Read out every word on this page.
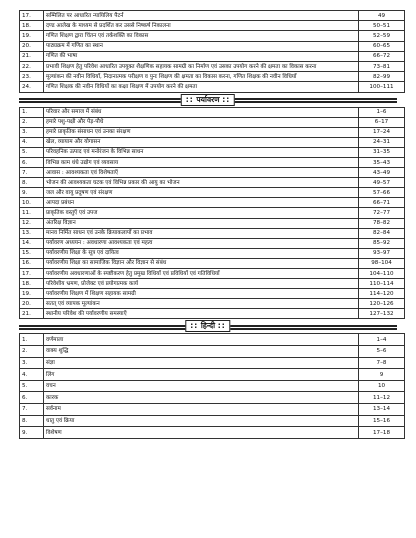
17.	सम्मिलित पर आधारित न्यायिलिय पैटर्न	49
18.	दण्ड आलेख के माध्यम से प्रदर्शित कर उससे निष्कर्ष निकालना	50–51
19.	गणित शिक्षण द्वारा चिंतन एवं तर्कशक्ति का विकास	52–59
20.	पाठ्यक्रम में गणित का स्थान	60–65
21.	गणित की भाषा	66–72
22.	प्रभावी शिक्षण हेतु परिवेश आधारित उपयुक्त शैक्षणिक सहायक सामग्री का निर्माण एवं उसका उपयोग करने की क्षमता का विकास करना	73–81
23.	मूल्यांकन की नवीन विधियाँ, निदानात्मक परीक्षण व पुनः शिक्षण की क्षमता का विकास करना, गणित शिक्षक की नवीन विधियाँ	82–99
24.	गणित शिक्षक की नवीन विधियों का कक्षा शिक्षण में उपयोग करने की क्षमता	100–111
:: पर्यावरण ::
1.	परिवार और समाज में संबंध	1–6
2.	हमारे पशु-पक्षी और पेड़-पौधे	6–17
3.	हमारे प्राकृतिक संसाधन एवं उनका संरक्षण	17–24
4.	खेल, व्यायाम और योगासन	24–31
5.	परिवहनिक उत्पाद एवं मनोरंजन के विभिन्न साधन	31–35
6.	विभिन्न काम धंधे उद्योग एवं व्यवसाय	35–43
7.	आवास : आवश्यकता एवं विशेषताएँ	43–49
8.	भोजन की आवश्यकता घटक एवं विभिन्न प्रकार की आयु का भोजन	49–57
9.	जल और वायु प्रदूषण एवं संरक्षण	57–66
10.	आपदा प्रबंधन	66–71
11.	प्राकृतिक वस्तुएँ एवं उपज	72–77
12.	अंतरिक्ष विज्ञान	78–82
13.	मानव निर्मित साधन एवं उनके क्रियाकलापों का प्रभाव	82–84
14.	पर्यावरण अध्ययन : अवधारणा आवश्यकता एवं महत्व	85–92
15.	पर्यावरणीय शिक्षा के सूत्र एवं दायित्व	93–97
16.	पर्यावरणीय शिक्षा का सामाजिक विज्ञान और विज्ञान से संबंध	98–104
17.	पर्यावरणीय अवधारणाओं के स्पष्टीकरण हेतु प्रमुख विधियाँ एवं प्रविधियाँ एवं गतिविधियाँ	104–110
18.	परिवेशीय भ्रमण, प्रोजेक्ट एवं प्रयोगात्मक कार्य	110–114
19.	पर्यावरणीय शिक्षण में शिक्षण सहायक सामग्री	114–120
20.	सतत् एवं व्यापक मूल्यांकन	120–126
21.	स्थानीय परिवेश की पर्यावरणीय समस्याएँ	127–132
:: हिन्दी ::
1.	वर्णमाला	1–4
2.	वाक्य शुद्धि	5–6
3.	संज्ञा	7–8
4.	लिंग	9
5.	वचन	10
6.	कारक	11–12
7.	सर्वनाम	13–14
8.	धातु एवं क्रिया	15–16
9.	विशेषण	17–18
